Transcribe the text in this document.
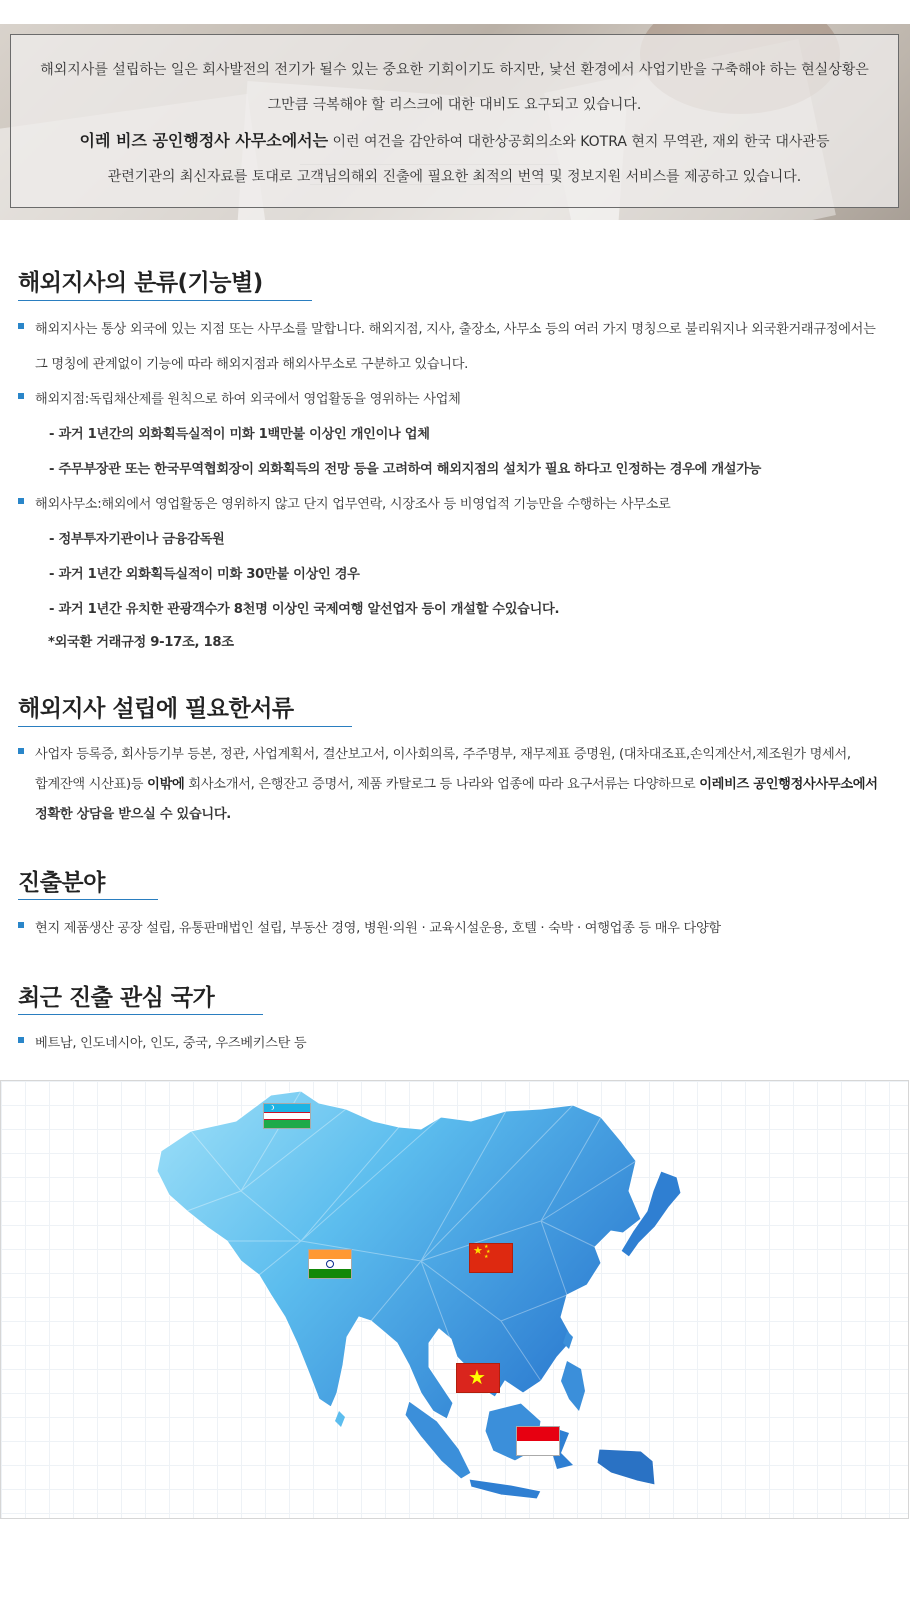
해외지사를 설립하는 일은 회사발전의 전기가 될수 있는 중요한 기회이기도 하지만, 낯선 환경에서 사업기반을 구축해야 하는 현실상황은
그만큼 극복해야 할 리스크에 대한 대비도 요구되고 있습니다.
이레 비즈 공인행정사 사무소에서는 이런 여건을 감안하여 대한상공회의소와 KOTRA 현지 무역관, 재외 한국 대사관등
관련기관의 최신자료를 토대로 고객님의해외 진출에 필요한 최적의 번역 및 정보지원 서비스를 제공하고 있습니다.
해외지사의 분류(기능별)
해외지사는 통상 외국에 있는 지점 또는 사무소를 말합니다. 해외지점, 지사, 출장소, 사무소 등의 여러 가지 명칭으로 불리워지나 외국환거래규정에서는
그 명칭에 관계없이 기능에 따라 해외지점과 해외사무소로 구분하고 있습니다.
해외지점:독립채산제를 원칙으로 하여 외국에서 영업활동을 영위하는 사업체
- 과거 1년간의 외화획득실적이 미화 1백만불 이상인 개인이나 업체
- 주무부장관 또는 한국무역협회장이 외화획득의 전망 등을 고려하여 해외지점의 설치가 필요 하다고 인정하는 경우에 개설가능
해외사무소:해외에서 영업활동은 영위하지 않고 단지 업무연락, 시장조사 등 비영업적 기능만을 수행하는 사무소로
- 정부투자기관이나 금융감독원
- 과거 1년간 외화획득실적이 미화 30만불 이상인 경우
- 과거 1년간 유치한 관광객수가 8천명 이상인 국제여행 알선업자 등이 개설할 수있습니다.
*외국환 거래규정 9-17조, 18조
해외지사 설립에 필요한서류
사업자 등록증, 회사등기부 등본, 정관, 사업계획서, 결산보고서, 이사회의록, 주주명부, 재무제표 증명원, (대차대조표,손익계산서,제조원가 명세서,
합계잔액 시산표)등 이밖에 회사소개서, 은행잔고 증명서, 제품 카탈로그 등 나라와 업종에 따라 요구서류는 다양하므로 이레비즈 공인행정사사무소에서
정확한 상담을 받으실 수 있습니다.
진출분야
현지 제품생산 공장 설립, 유통판매법인 설립, 부동산 경영, 병원·의원 · 교육시설운용, 호텔 · 숙박 · 여행업종 등 매우 다양함
최근 진출 관심 국가
베트남, 인도네시아, 인도, 중국, 우즈베키스탄 등
★ ★
★
★
★
